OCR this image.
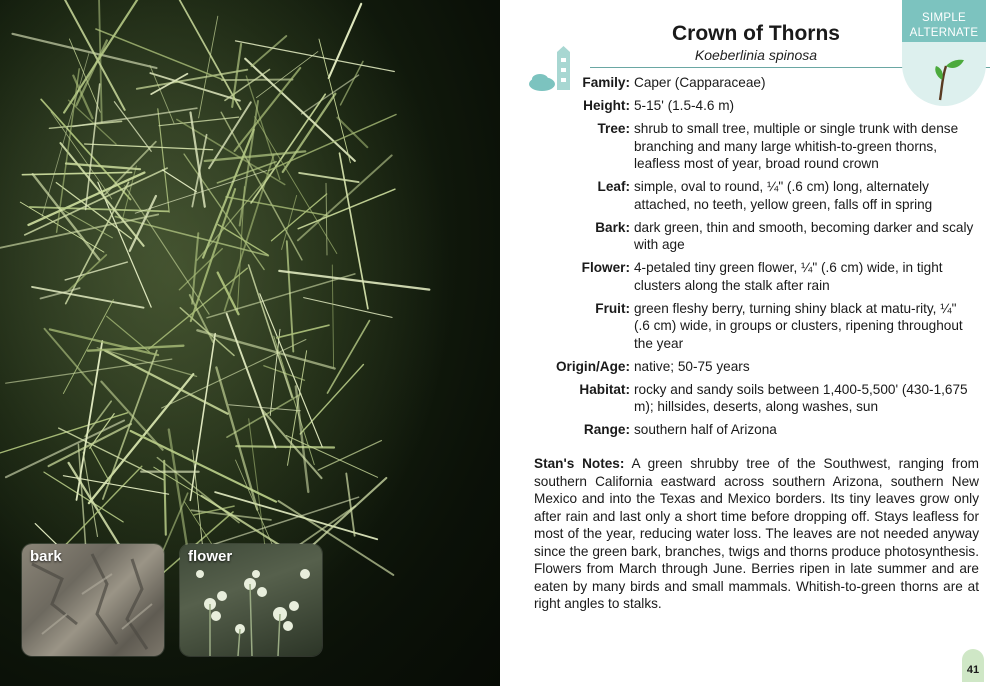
bark	flower
Crown of Thorns
Koeberlinia spinosa
SIMPLE
ALTERNATE
Family: Caper (Capparaceae)
Height: 5-15' (1.5-4.6 m)
Tree: shrub to small tree, multiple or single trunk with dense branching and many large whitish-to-green thorns, leafless most of year, broad round crown
Leaf: simple, oval to round, ¼" (.6 cm) long, alternately attached, no teeth, yellow green, falls off in spring
Bark: dark green, thin and smooth, becoming darker and scaly with age
Flower: 4-petaled tiny green flower, ¼" (.6 cm) wide, in tight clusters along the stalk after rain
Fruit: green fleshy berry, turning shiny black at matu-rity, ¼" (.6 cm) wide, in groups or clusters, ripening throughout the year
Origin/Age: native; 50-75 years
Habitat: rocky and sandy soils between 1,400-5,500' (430-1,675 m); hillsides, deserts, along washes, sun
Range: southern half of Arizona
Stan's Notes: A green shrubby tree of the Southwest, ranging from southern California eastward across southern Arizona, southern New Mexico and into the Texas and Mexico borders. Its tiny leaves grow only after rain and last only a short time before dropping off. Stays leafless for most of the year, reducing water loss. The leaves are not needed anyway since the green bark, branches, twigs and thorns produce photosynthesis. Flowers from March through June. Berries ripen in late summer and are eaten by many birds and small mammals. Whitish-to-green thorns are at right angles to stalks.
41
